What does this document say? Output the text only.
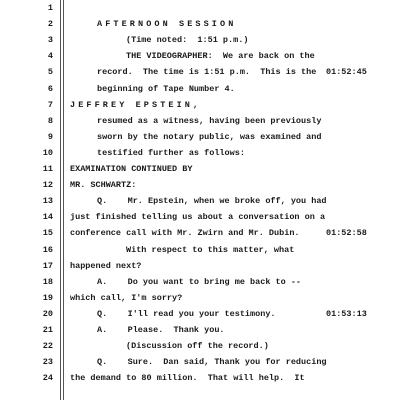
1
2	AFTERNOON SESSION
3	(Time noted:  1:51 p.m.)
4	THE VIDEOGRAPHER:  We are back on the
5	record.  The time is 1:51 p.m.  This is the 01:52:45
6	beginning of Tape Number 4.
7 JEFFREY EPSTEIN,
8	resumed as a witness, having been previously
9	sworn by the notary public, was examined and
10	testified further as follows:
11 EXAMINATION CONTINUED BY
12 MR. SCHWARTZ:
13	Q.    Mr. Epstein, when we broke off, you had
14 just finished telling us about a conversation on a
15 conference call with Mr. Zwirn and Mr. Dubin.	01:52:58
16	With respect to this matter, what
17 happened next?
18	A.    Do you want to bring me back to --
19 which call, I'm sorry?
20	Q.    I'll read you your testimony.	01:53:13
21	A.    Please.  Thank you.
22	(Discussion off the record.)
23	Q.    Sure.  Dan said, Thank you for reducing
24 the demand to 80 million.  That will help.  It
